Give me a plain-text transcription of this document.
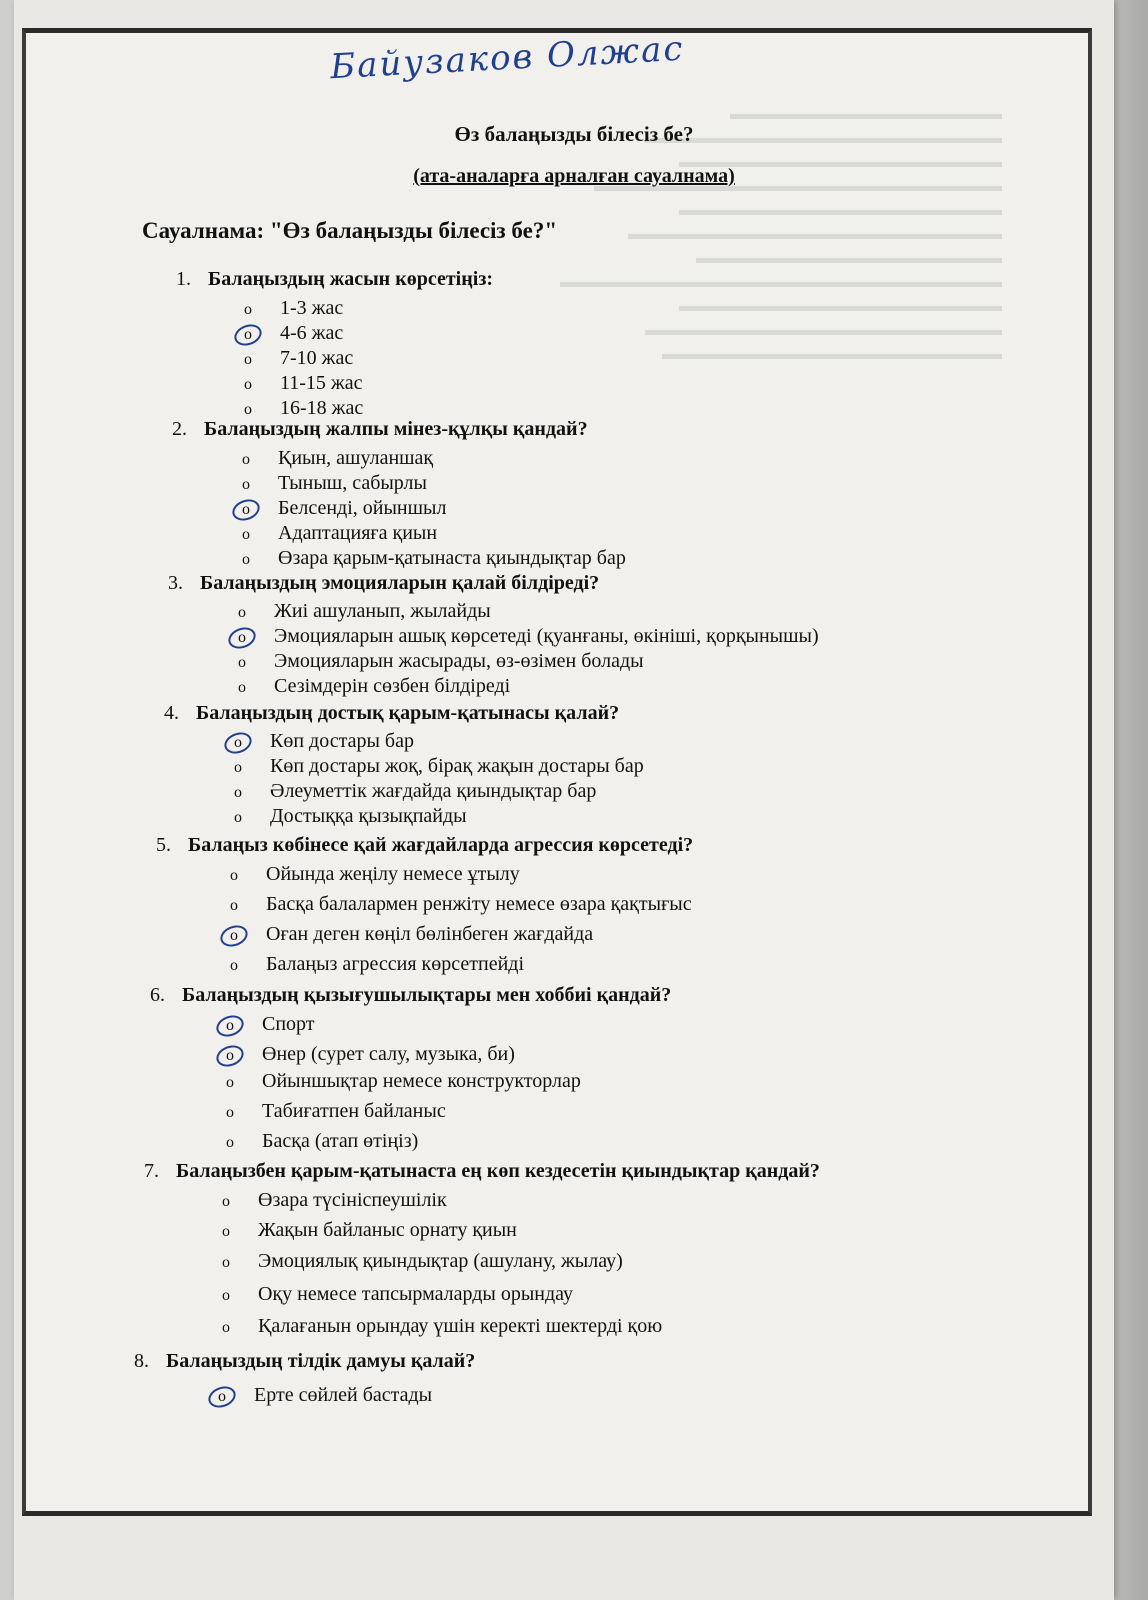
Байузаков Олжас
Өз балаңызды білесіз бе?
(ата-аналарға арналған сауалнама)
Сауалнама: "Өз балаңызды білесіз бе?"
1. Балаңыздың жасын көрсетіңіз:
o 1-3 жас
o 4-6 жас
o 7-10 жас
o 11-15 жас
o 16-18 жас
2. Балаңыздың жалпы мінез-құлқы қандай?
o Қиын, ашуланшақ
o Тыныш, сабырлы
o Белсенді, ойыншыл
o Адаптацияға қиын
o Өзара қарым-қатынаста қиындықтар бар
3. Балаңыздың эмоцияларын қалай білдіреді?
o Жиі ашуланып, жылайды
o Эмоцияларын ашық көрсетеді (қуанғаны, өкініші, қорқынышы)
o Эмоцияларын жасырады, өз-өзімен болады
o Сезімдерін сөзбен білдіреді
4. Балаңыздың достық қарым-қатынасы қалай?
o Көп достары бар
o Көп достары жоқ, бірақ жақын достары бар
o Әлеуметтік жағдайда қиындықтар бар
o Достыққа қызықпайды
5. Балаңыз көбінесе қай жағдайларда агрессия көрсетеді?
o Ойында жеңілу немесе ұтылу
o Басқа балалармен ренжіту немесе өзара қақтығыс
o Оған деген көңіл бөлінбеген жағдайда
o Балаңыз агрессия көрсетпейді
6. Балаңыздың қызығушылықтары мен хоббиі қандай?
o Спорт
o Өнер (сурет салу, музыка, би)
o Ойыншықтар немесе конструкторлар
o Табиғатпен байланыс
o Басқа (атап өтіңіз)
7. Балаңызбен қарым-қатынаста ең көп кездесетін қиындықтар қандай?
o Өзара түсініспеушілік
o Жақын байланыс орнату қиын
o Эмоциялық қиындықтар (ашулану, жылау)
o Оқу немесе тапсырмаларды орындау
o Қалағанын орындау үшін керекті шектерді қою
8. Балаңыздың тілдік дамуы қалай?
o Ерте сөйлей бастады
